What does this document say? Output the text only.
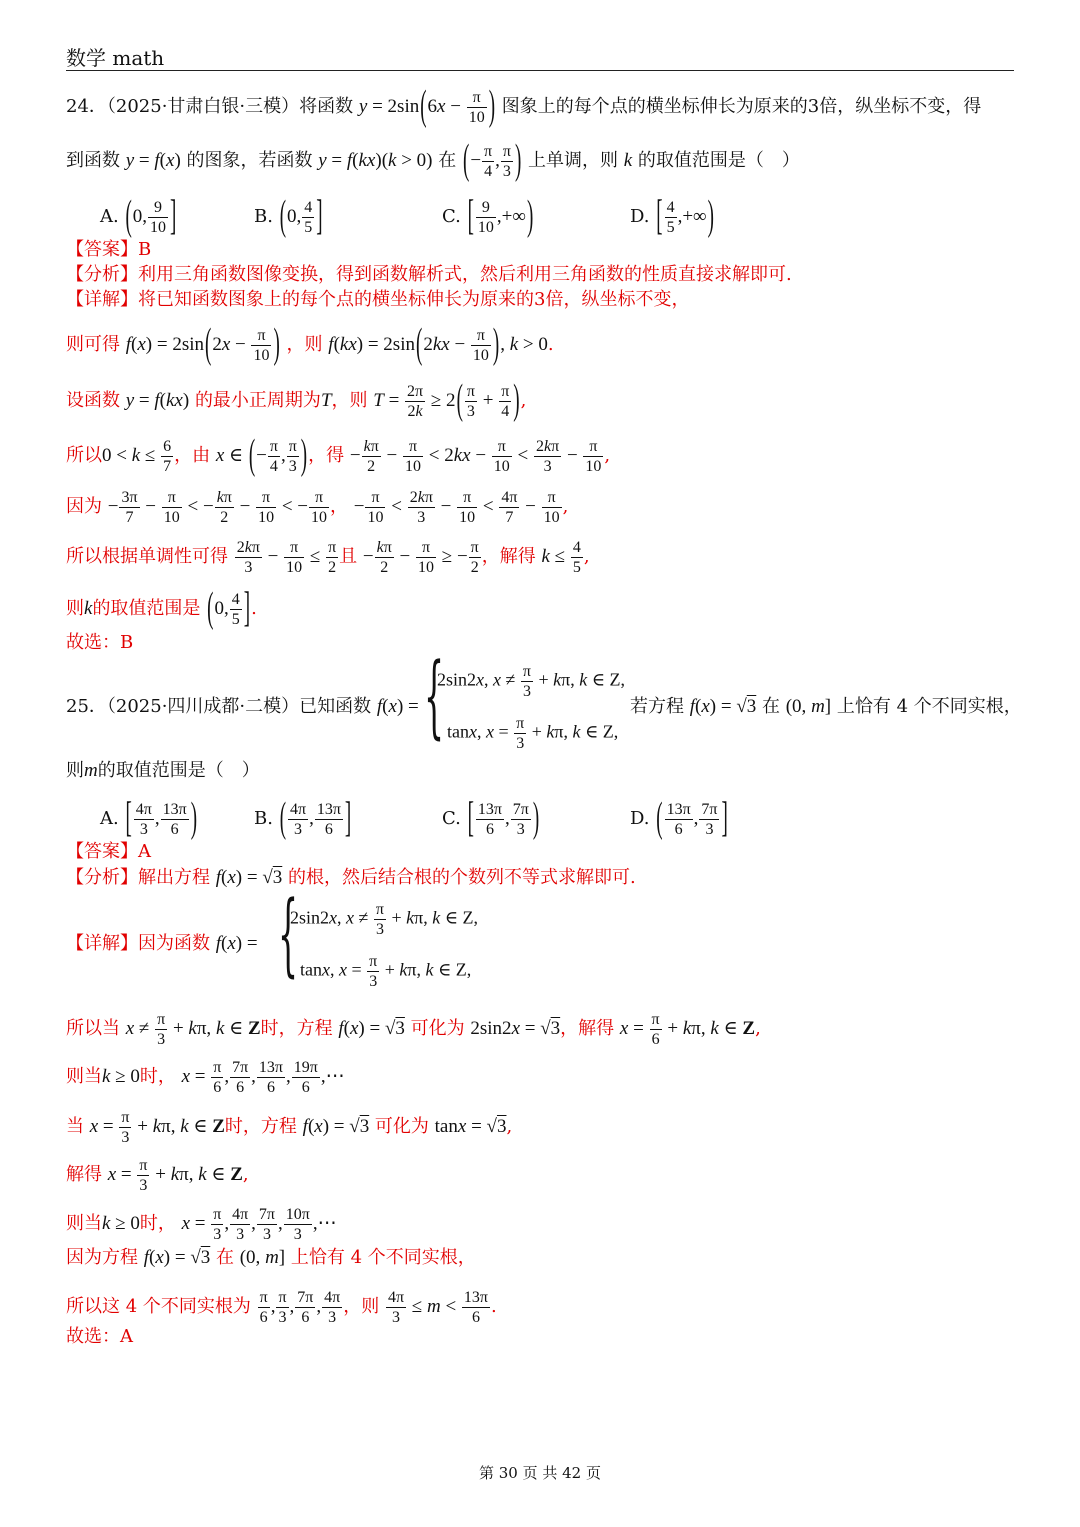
数学 math
24．（2025·甘肃白银·三模）将函数 $y = 2\sin(6x - \frac{\pi}{10}$ ) 图象上的每个点的横坐标伸长为原来的3倍，纵坐标不变，得
到函数 y = f(x) 的图象，若函数 y = f(kx)(k > 0) 在 (− $\frac{\pi}{4}$ , $\frac{\pi}{3}$ ) 上单调，则 k 的取值范围是（　）
A. (0, $\frac{9}{10}$ ]	B. (0, $\frac{4}{5}$ ]	C. [ $\frac{9}{10}$ ,+∞)	D. [ $\frac{4}{5}$ ,+∞)
【答案】B
【分析】利用三角函数图像变换，得到函数解析式，然后利用三角函数的性质直接求解即可.
【详解】将已知函数图象上的每个点的横坐标伸长为原来的3倍，纵坐标不变，
则可得 $f(x) = 2\sin(2x - \frac{\pi}{10}$ ) ，则 $f(kx) = 2\sin(2kx - \frac{\pi}{10}$ ), k > 0.
设函数 y = f(kx) 的最小正周期为T，则 $T = \frac{2\pi}{2k} \ge 2( \frac{\pi}{3} + \frac{\pi}{4}$ ),
所以$0 < k \le \frac{6}{7}$ ，由 x ∈ (− $\frac{\pi}{4}$ , $\frac{\pi}{3}$ )，得 − $\frac{k\pi}{2} - \frac{\pi}{10} < 2kx - \frac{\pi}{10} < \frac{2k\pi}{3} - \frac{\pi}{10}$ ,
因为 − $\frac{3\pi}{7} - \frac{\pi}{10}$ < − $\frac{k\pi}{2} - \frac{\pi}{10}$ < − $\frac{\pi}{10}$ ， − $\frac{\pi}{10} < \frac{2k\pi}{3} - \frac{\pi}{10} < \frac{4\pi}{7} - \frac{\pi}{10}$ ,
所以根据单调性可得 $\frac{2k\pi}{3} - \frac{\pi}{10} \le \frac{\pi}{2}$ 且 − $\frac{k\pi}{2} - \frac{\pi}{10}$ ≥ − $\frac{\pi}{2}$ ，解得 $k \le \frac{4}{5}$ ,
则k的取值范围是 (0, $\frac{4}{5}$ ].
故选：B
25．（2025·四川成都·二模）已知函数 f(x) = {
2sin2x, $x \ne \frac{\pi}{3} + k\pi$, k ∈ Z,
tanx, $x = \frac{\pi}{3} + k\pi$, k ∈ Z,
若方程 f(x) = √3 在 (0, m] 上恰有 4 个不同实根，
则m的取值范围是（　）
A. [ $\frac{4\pi}{3}$ , $\frac{13\pi}{6}$ )	B. ( $\frac{4\pi}{3}$ , $\frac{13\pi}{6}$ ]	C. [ $\frac{13\pi}{6}$ , $\frac{7\pi}{3}$ )	D. ( $\frac{13\pi}{6}$ , $\frac{7\pi}{3}$ ]
【答案】A
【分析】解出方程 f(x) = √3 的根，然后结合根的个数列不等式求解即可.
【详解】因为函数 f(x) = {
2sin2x, $x \ne \frac{\pi}{3} + k\pi$, k ∈ Z,
tanx, $x = \frac{\pi}{3} + k\pi$, k ∈ Z,
所以当 $x \ne \frac{\pi}{3} + k\pi$, k ∈ Z时，方程 f(x) = √3 可化为 2sin2x = √3，解得 $x = \frac{\pi}{6} + k\pi$, k ∈ Z,
则当k ≥ 0时， $x = \frac{\pi}{6}$ , $\frac{7\pi}{6}$ , $\frac{13\pi}{6}$ , $\frac{19\pi}{6}$ ,⋯
当 $x = \frac{\pi}{3} + k\pi$, k ∈ Z时，方程 f(x) = √3 可化为 tanx = √3,
解得 $x = \frac{\pi}{3} + k\pi$, k ∈ Z,
则当k ≥ 0时， $x = \frac{\pi}{3}$ , $\frac{4\pi}{3}$ , $\frac{7\pi}{3}$ , $\frac{10\pi}{3}$ ,⋯
因为方程 f(x) = √3 在 (0, m] 上恰有 4 个不同实根，
所以这 4 个不同实根为 $\frac{\pi}{6}$ , $\frac{\pi}{3}$ , $\frac{7\pi}{6}$ , $\frac{4\pi}{3}$ ，则 $\frac{4\pi}{3} \le m < \frac{13\pi}{6}$ .
故选：A
第 30 页 共 42 页
